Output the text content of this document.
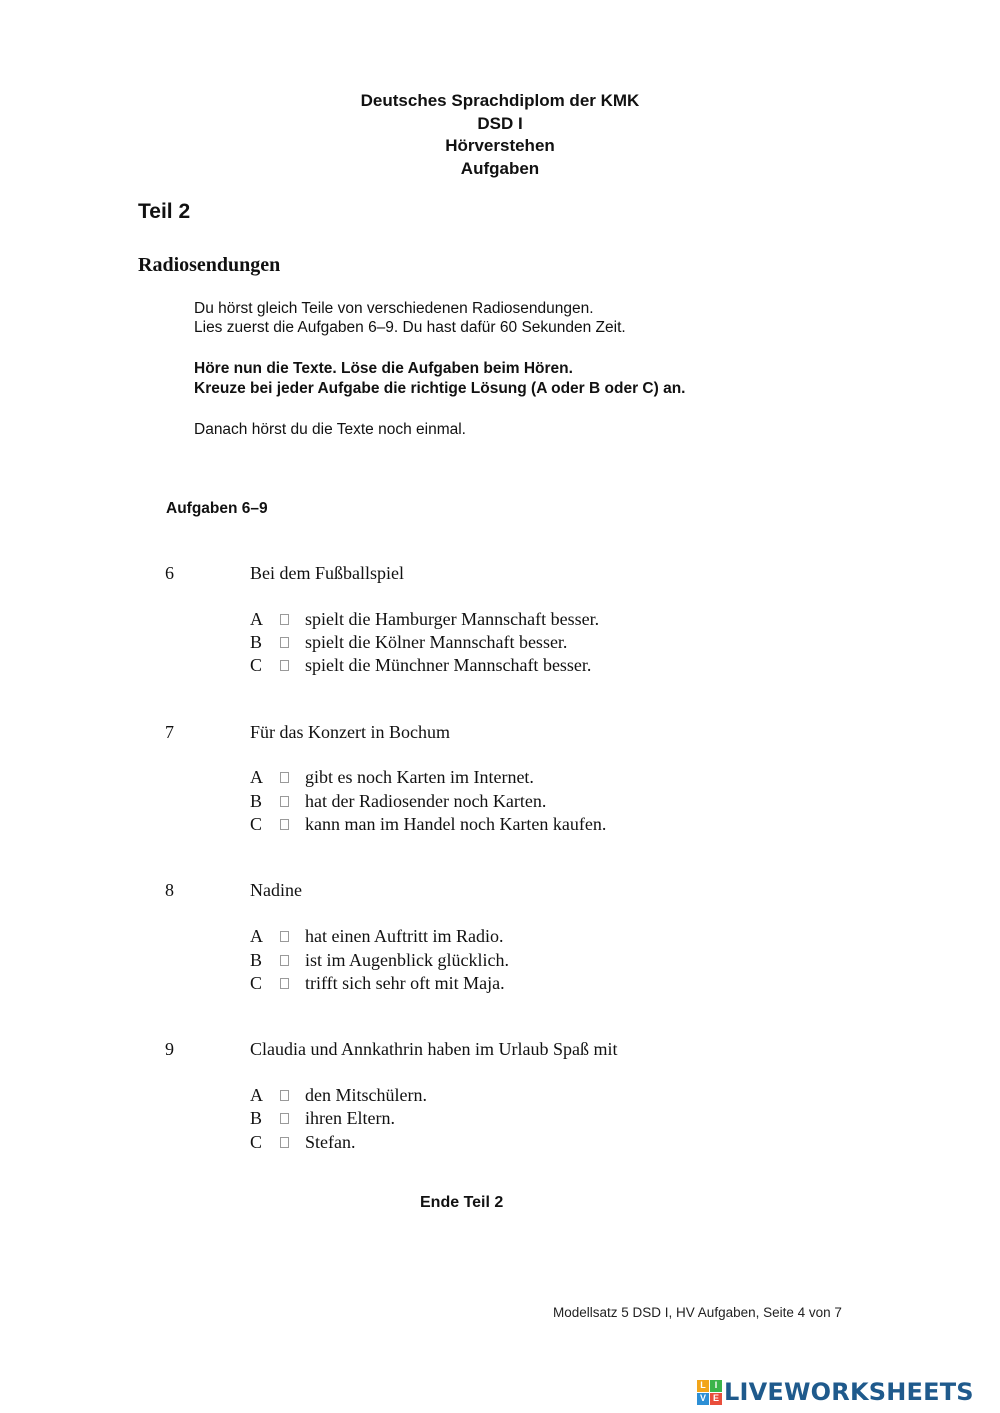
Deutsches Sprachdiplom der KMK
DSD I
Hörverstehen
Aufgaben
Teil 2
Radiosendungen
Du hörst gleich Teile von verschiedenen Radiosendungen.
Lies zuerst die Aufgaben 6–9. Du hast dafür 60 Sekunden Zeit.
Höre nun die Texte. Löse die Aufgaben beim Hören.
Kreuze bei jeder Aufgabe die richtige Lösung (A oder B oder C) an.
Danach hörst du die Texte noch einmal.
Aufgaben 6–9
6	Bei dem Fußballspiel
A	spielt die Hamburger Mannschaft besser.
B	spielt die Kölner Mannschaft besser.
C	spielt die Münchner Mannschaft besser.
7	Für das Konzert in Bochum
A	gibt es noch Karten im Internet.
B	hat der Radiosender noch Karten.
C	kann man im Handel noch Karten kaufen.
8	Nadine
A	hat einen Auftritt im Radio.
B	ist im Augenblick glücklich.
C	trifft sich sehr oft mit Maja.
9	Claudia und Annkathrin haben im Urlaub Spaß mit
A	den Mitschülern.
B	ihren Eltern.
C	Stefan.
Ende Teil 2
Modellsatz 5 DSD I, HV Aufgaben, Seite 4 von 7
L I
V E LIVEWORKSHEETS
